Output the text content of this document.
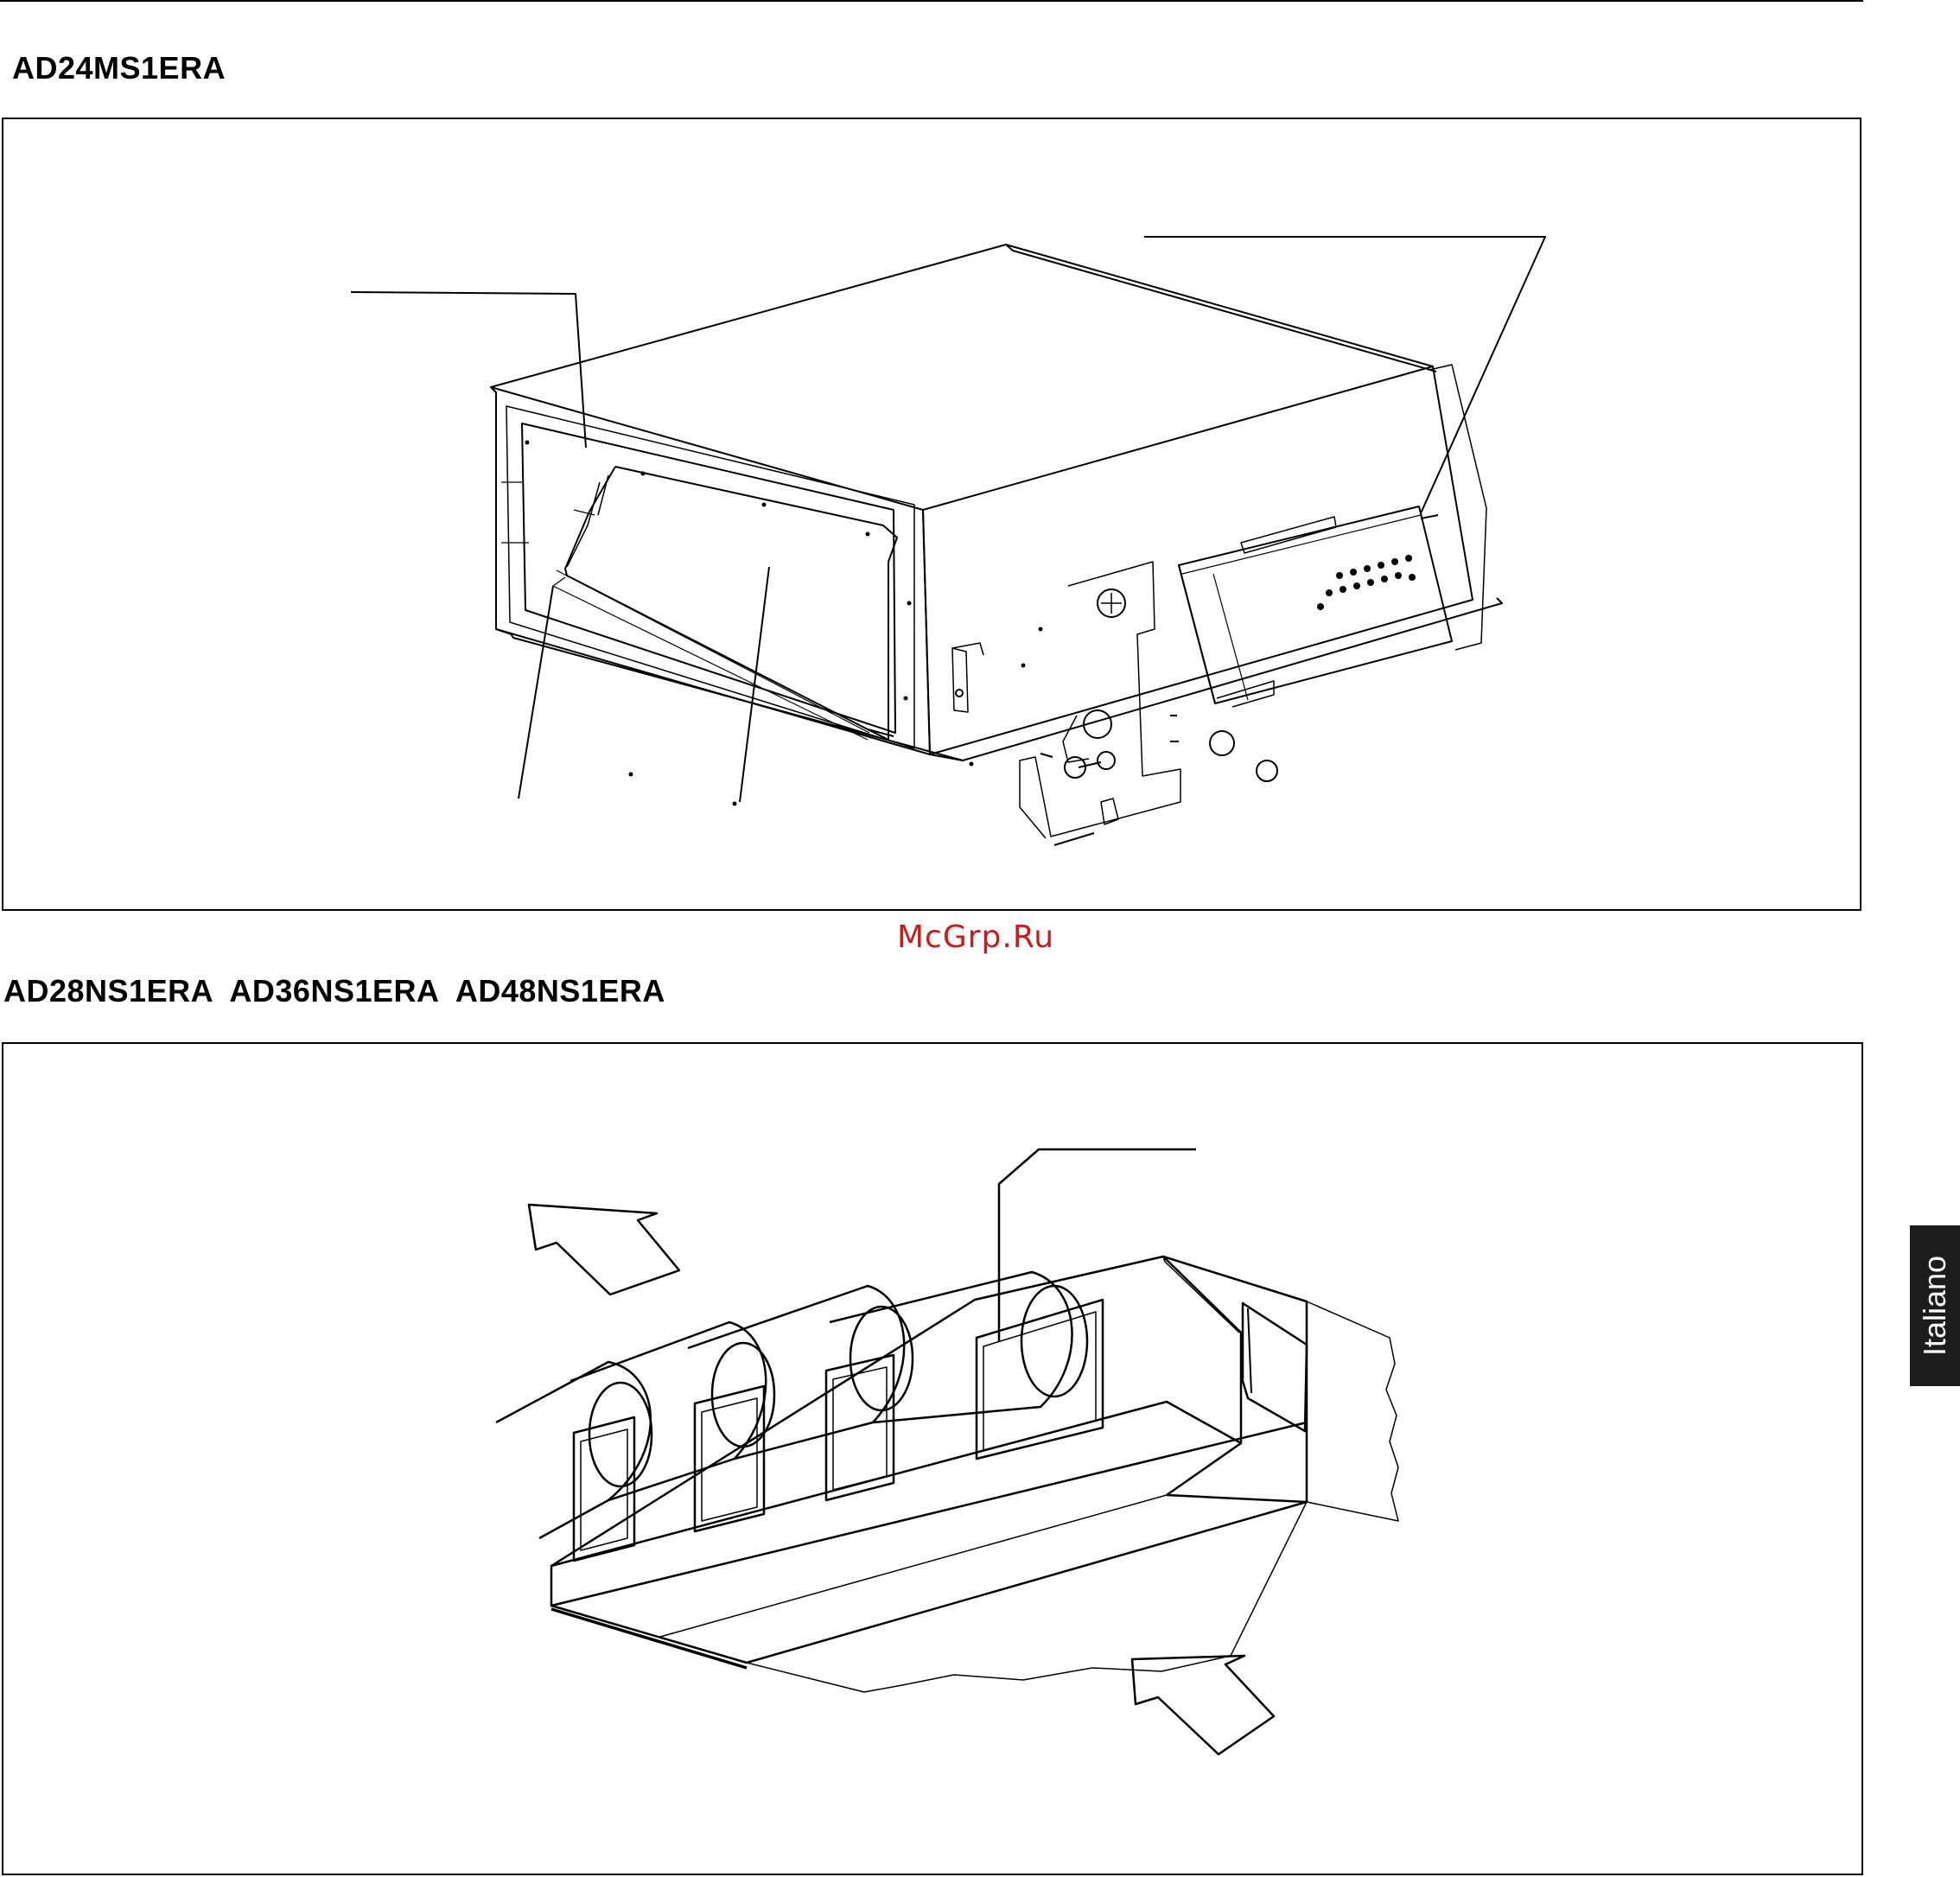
AD24MS1ERA
McGrp.Ru
AD28NS1ERA  AD36NS1ERA  AD48NS1ERA
Italiano
